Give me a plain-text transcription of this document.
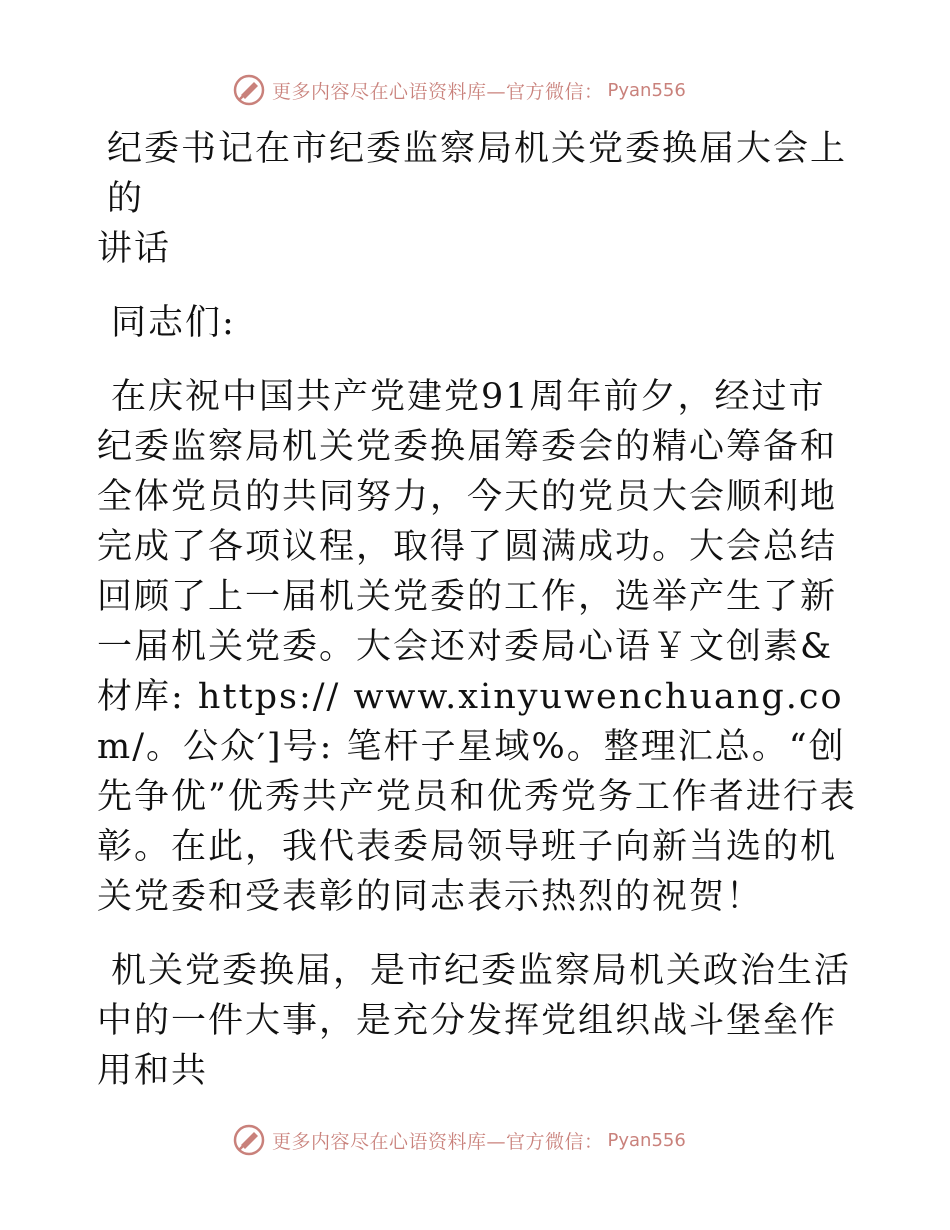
更多内容尽在心语资料库—官方微信： Pyan556
纪委书记在市纪委监察局机关党委换届大会上的
讲话

同志们:

在庆祝中国共产党建党91周年前夕，经过市纪委监察局机关党委换届筹委会的精心筹备和全体党员的共同努力，今天的党员大会顺利地完成了各项议程，取得了圆满成功。大会总结回顾了上一届机关党委的工作，选举产生了新一届机关党委。大会还对委局心语￥文创素&材库: https:// www.xinyuwenchuang.com/。公众′]号: 笔杆子星域%。整理汇总。“创先争优”优秀共产党员和优秀党务工作者进行表彰。在此，我代表委局领导班子向新当选的机关党委和受表彰的同志表示热烈的祝贺！

机关党委换届，是市纪委监察局机关政治生活中的一件大事，是充分发挥党组织战斗堡垒作用和共

更多内容尽在心语资料库—官方微信： Pyan556
